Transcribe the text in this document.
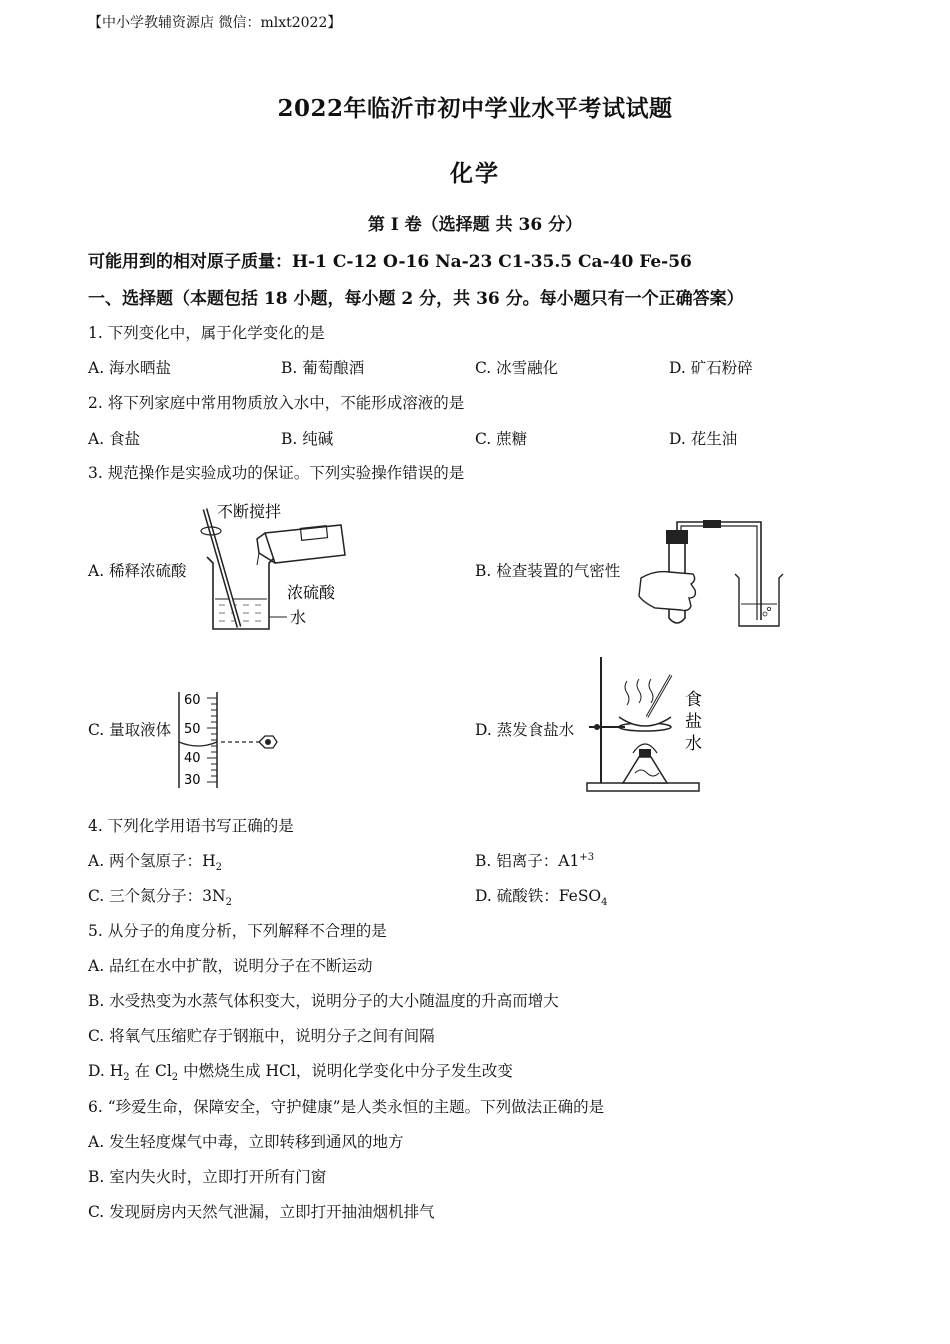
【中小学教辅资源店 微信：mlxt2022】
2022年临沂市初中学业水平考试试题
化学
第 I 卷（选择题 共 36 分）
可能用到的相对原子质量：H-1 C-12 O-16 Na-23 C1-35.5 Ca-40 Fe-56
一、选择题（本题包括 18 小题，每小题 2 分，共 36 分。每小题只有一个正确答案）
1. 下列变化中，属于化学变化的是
A. 海水晒盐	B. 葡萄酿酒	C. 冰雪融化	D. 矿石粉碎
2. 将下列家庭中常用物质放入水中，不能形成溶液的是
A. 食盐	B. 纯碱	C. 蔗糖	D. 花生油
3. 规范操作是实验成功的保证。下列实验操作错误的是
A. 稀释浓硫酸	B. 检查装置的气密性
C. 量取液体	D. 蒸发食盐水
不断搅拌
浓硫酸
水
60
50
40
30
食
盐
水
4. 下列化学用语书写正确的是
A. 两个氢原子：$H_2$	B. 铝离子：$A1^{+3}$
C. 三个氮分子：$3N_2$	D. 硫酸铁：FeSO$_4$
5. 从分子的角度分析，下列解释不合理的是
A. 品红在水中扩散，说明分子在不断运动
B. 水受热变为水蒸气体积变大，说明分子的大小随温度的升高而增大
C. 将氧气压缩贮存于钢瓶中，说明分子之间有间隔
D. $H_2$ 在 $Cl_2$ 中燃烧生成 HCl，说明化学变化中分子发生改变
6. “珍爱生命，保障安全，守护健康”是人类永恒的主题。下列做法正确的是
A. 发生轻度煤气中毒，立即转移到通风的地方
B. 室内失火时，立即打开所有门窗
C. 发现厨房内天然气泄漏，立即打开抽油烟机排气
